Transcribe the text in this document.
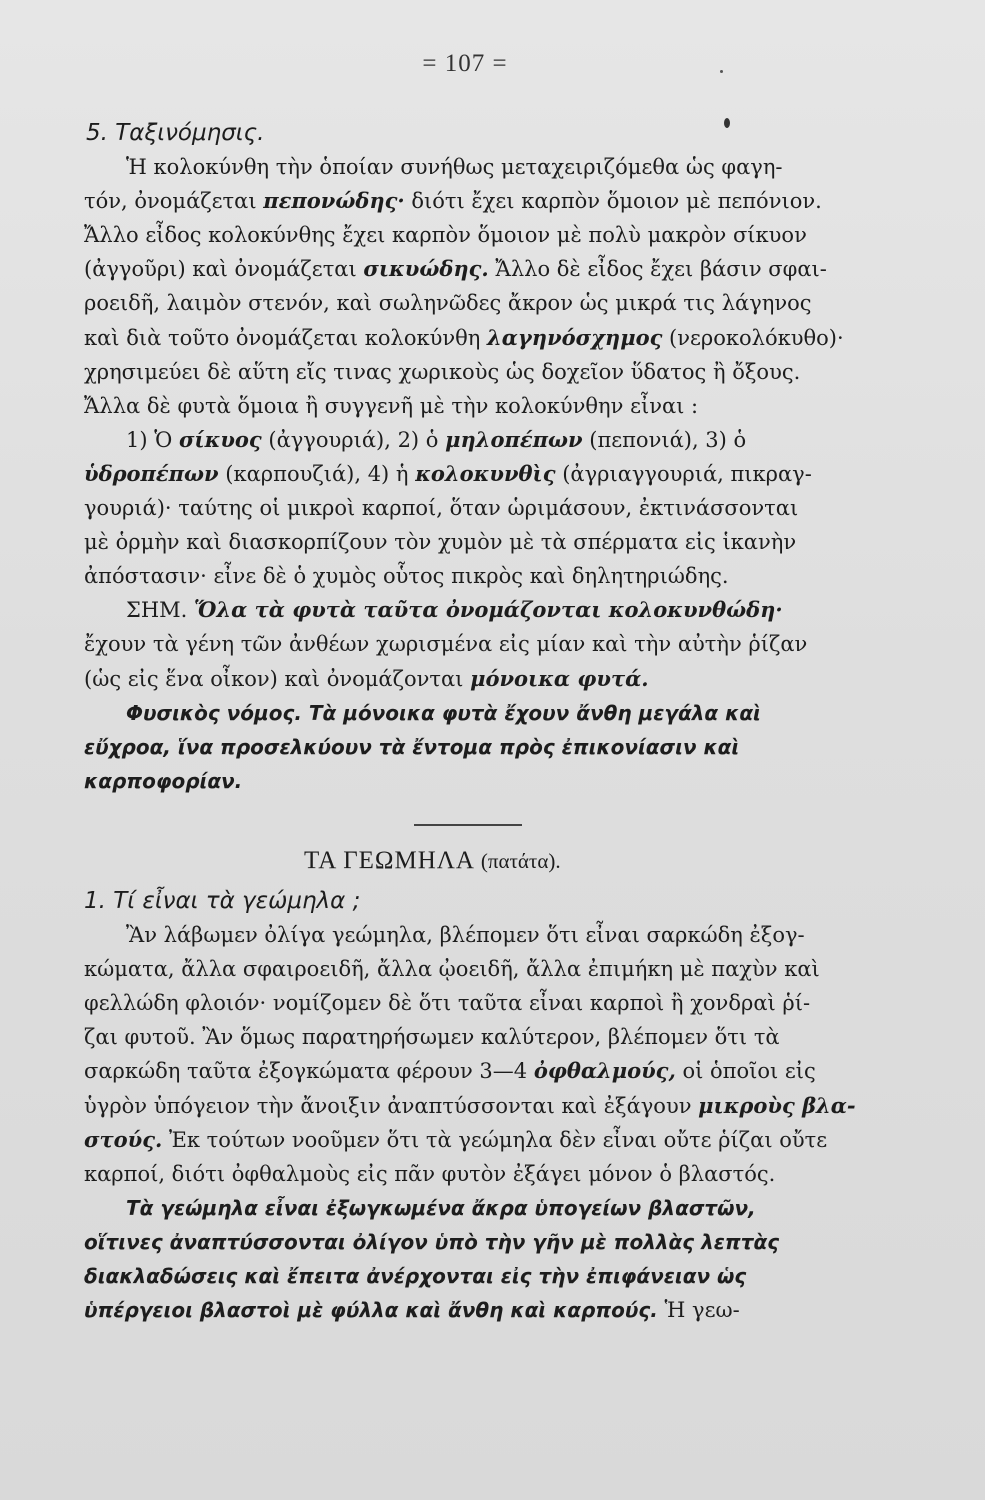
= 107 =
5. Ταξινόμησις.
Ἡ κολοκύνθη τὴν ὁποίαν συνήθως μεταχειριζόμεθα ὡς φαγη-
τόν, ὀνομάζεται πεπονώδης· διότι ἔχει καρπὸν ὅμοιον μὲ πεπόνιον.
Ἄλλο εἶδος κολοκύνθης ἔχει καρπὸν ὅμοιον μὲ πολὺ μακρὸν σίκυον
(ἀγγοῦρι) καὶ ὀνομάζεται σικυώδης. Ἄλλο δὲ εἶδος ἔχει βάσιν σφαι-
ροειδῆ, λαιμὸν στενόν, καὶ σωληνῶδες ἄκρον ὡς μικρά τις λάγηνος
καὶ διὰ τοῦτο ὀνομάζεται κολοκύνθη λαγηνόσχημος (νεροκολόκυθο)·
χρησιμεύει δὲ αὕτη εἴς τινας χωρικοὺς ὡς δοχεῖον ὕδατος ἢ ὄξους.
Ἄλλα δὲ φυτὰ ὅμοια ἢ συγγενῆ μὲ τὴν κολοκύνθην εἶναι :
1) Ὁ σίκυος (ἀγγουριά), 2) ὁ μηλοπέπων (πεπονιά), 3) ὁ
ὑδροπέπων (καρπουζιά), 4) ἡ κολοκυνθὶς (ἀγριαγγουριά, πικραγ-
γουριά)· ταύτης οἱ μικροὶ καρποί, ὅταν ὡριμάσουν, ἐκτινάσσονται
μὲ ὁρμὴν καὶ διασκορπίζουν τὸν χυμὸν μὲ τὰ σπέρματα εἰς ἱκανὴν
ἀπόστασιν· εἶνε δὲ ὁ χυμὸς οὗτος πικρὸς καὶ δηλητηριώδης.
ΣΗΜ. Ὅλα τὰ φυτὰ ταῦτα ὀνομάζονται κολοκυνθώδη·
ἔχουν τὰ γένη τῶν ἀνθέων χωρισμένα εἰς μίαν καὶ τὴν αὐτὴν ῥίζαν
(ὡς εἰς ἕνα οἶκον) καὶ ὀνομάζονται μόνοικα φυτά.
Φυσικὸς νόμος. Τὰ μόνοικα φυτὰ ἔχουν ἄνθη μεγάλα καὶ
εὔχροα, ἵνα προσελκύουν τὰ ἔντομα πρὸς ἐπικονίασιν καὶ
καρποφορίαν.
ΤΑ ΓΕΩΜΗΛΑ (πατάτα).
1. Τί εἶναι τὰ γεώμηλα ;
Ἂν λάβωμεν ὀλίγα γεώμηλα, βλέπομεν ὅτι εἶναι σαρκώδη ἐξογ-
κώματα, ἄλλα σφαιροειδῆ, ἄλλα ᾠοειδῆ, ἄλλα ἐπιμήκη μὲ παχὺν καὶ
φελλώδη φλοιόν· νομίζομεν δὲ ὅτι ταῦτα εἶναι καρποὶ ἢ χονδραὶ ῥί-
ζαι φυτοῦ. Ἂν ὅμως παρατηρήσωμεν καλύτερον, βλέπομεν ὅτι τὰ
σαρκώδη ταῦτα ἐξογκώματα φέρουν 3—4 ὀφθαλμούς, οἱ ὁποῖοι εἰς
ὑγρὸν ὑπόγειον τὴν ἄνοιξιν ἀναπτύσσονται καὶ ἐξάγουν μικροὺς βλα-
στούς. Ἐκ τούτων νοοῦμεν ὅτι τὰ γεώμηλα δὲν εἶναι οὔτε ῥίζαι οὔτε
καρποί, διότι ὀφθαλμοὺς εἰς πᾶν φυτὸν ἐξάγει μόνον ὁ βλαστός.
Τὰ γεώμηλα εἶναι ἐξωγκωμένα ἄκρα ὑπογείων βλαστῶν,
οἵτινες ἀναπτύσσονται ὀλίγον ὑπὸ τὴν γῆν μὲ πολλὰς λεπτὰς
διακλαδώσεις καὶ ἔπειτα ἀνέρχονται εἰς τὴν ἐπιφάνειαν ὡς
ὑπέργειοι βλαστοὶ μὲ φύλλα καὶ ἄνθη καὶ καρπούς. Ἡ γεω-
